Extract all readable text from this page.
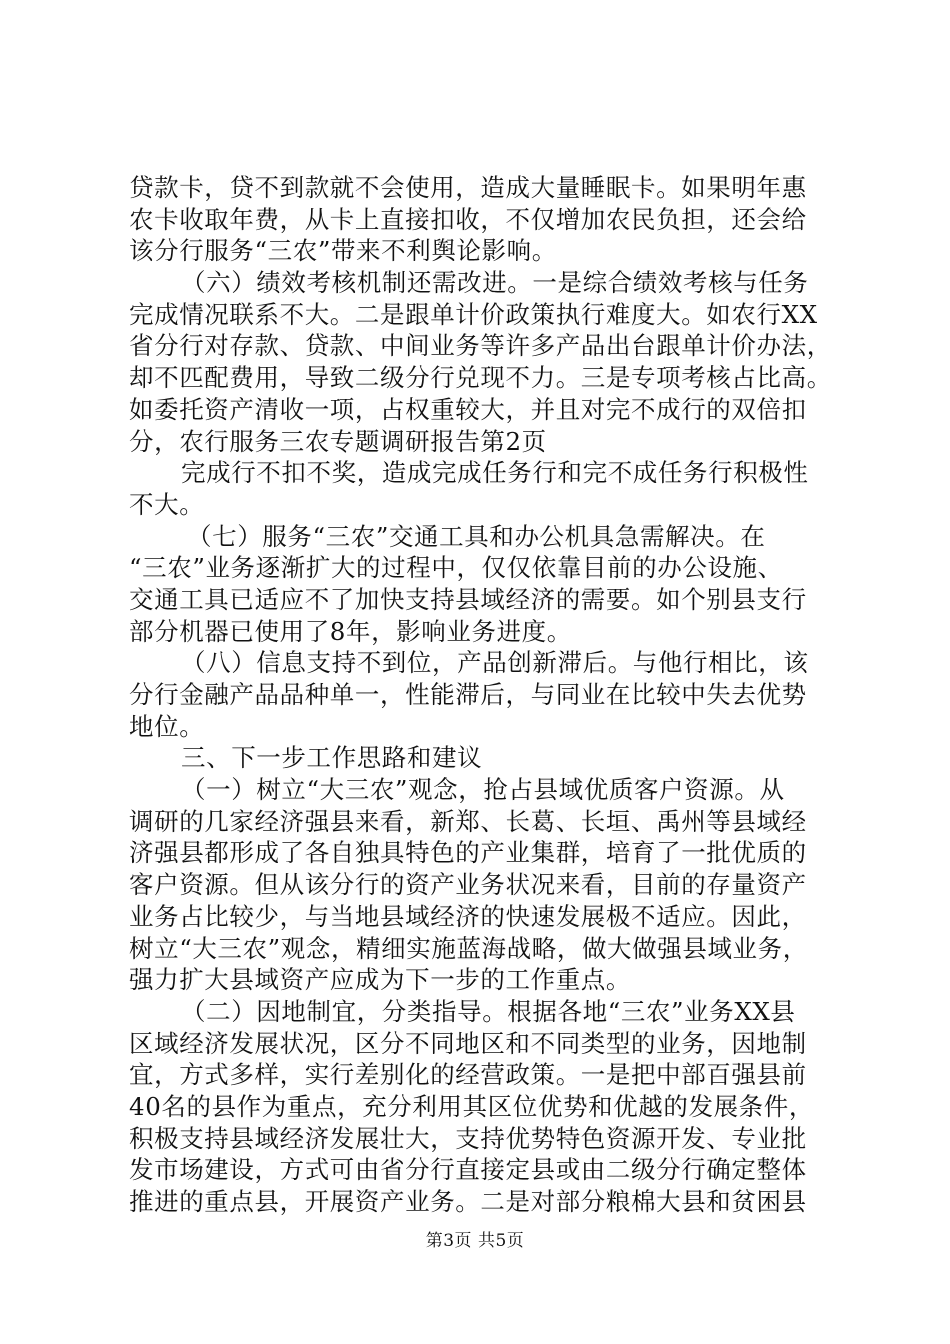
贷款卡，贷不到款就不会使用，造成大量睡眠卡。如果明年惠
农卡收取年费，从卡上直接扣收，不仅增加农民负担，还会给
该分行服务“三农”带来不利舆论影响。
（六）绩效考核机制还需改进。一是综合绩效考核与任务
完成情况联系不大。二是跟单计价政策执行难度大。如农行XX
省分行对存款、贷款、中间业务等许多产品出台跟单计价办法，
却不匹配费用，导致二级分行兑现不力。三是专项考核占比高。
如委托资产清收一项，占权重较大，并且对完不成行的双倍扣
分，农行服务三农专题调研报告第2页
完成行不扣不奖，造成完成任务行和完不成任务行积极性
不大。
（七）服务“三农”交通工具和办公机具急需解决。在
“三农”业务逐渐扩大的过程中，仅仅依靠目前的办公设施、
交通工具已适应不了加快支持县域经济的需要。如个别县支行
部分机器已使用了8年，影响业务进度。
（八）信息支持不到位，产品创新滞后。与他行相比，该
分行金融产品品种单一，性能滞后，与同业在比较中失去优势
地位。
三、下一步工作思路和建议
（一）树立“大三农”观念，抢占县域优质客户资源。从
调研的几家经济强县来看，新郑、长葛、长垣、禹州等县域经
济强县都形成了各自独具特色的产业集群，培育了一批优质的
客户资源。但从该分行的资产业务状况来看，目前的存量资产
业务占比较少，与当地县域经济的快速发展极不适应。因此，
树立“大三农”观念，精细实施蓝海战略，做大做强县域业务，
强力扩大县域资产应成为下一步的工作重点。
（二）因地制宜，分类指导。根据各地“三农”业务XX县
区域经济发展状况，区分不同地区和不同类型的业务，因地制
宜，方式多样，实行差别化的经营政策。一是把中部百强县前
40名的县作为重点，充分利用其区位优势和优越的发展条件，
积极支持县域经济发展壮大，支持优势特色资源开发、专业批
发市场建设，方式可由省分行直接定县或由二级分行确定整体
推进的重点县，开展资产业务。二是对部分粮棉大县和贫困县
第3页 共5页
